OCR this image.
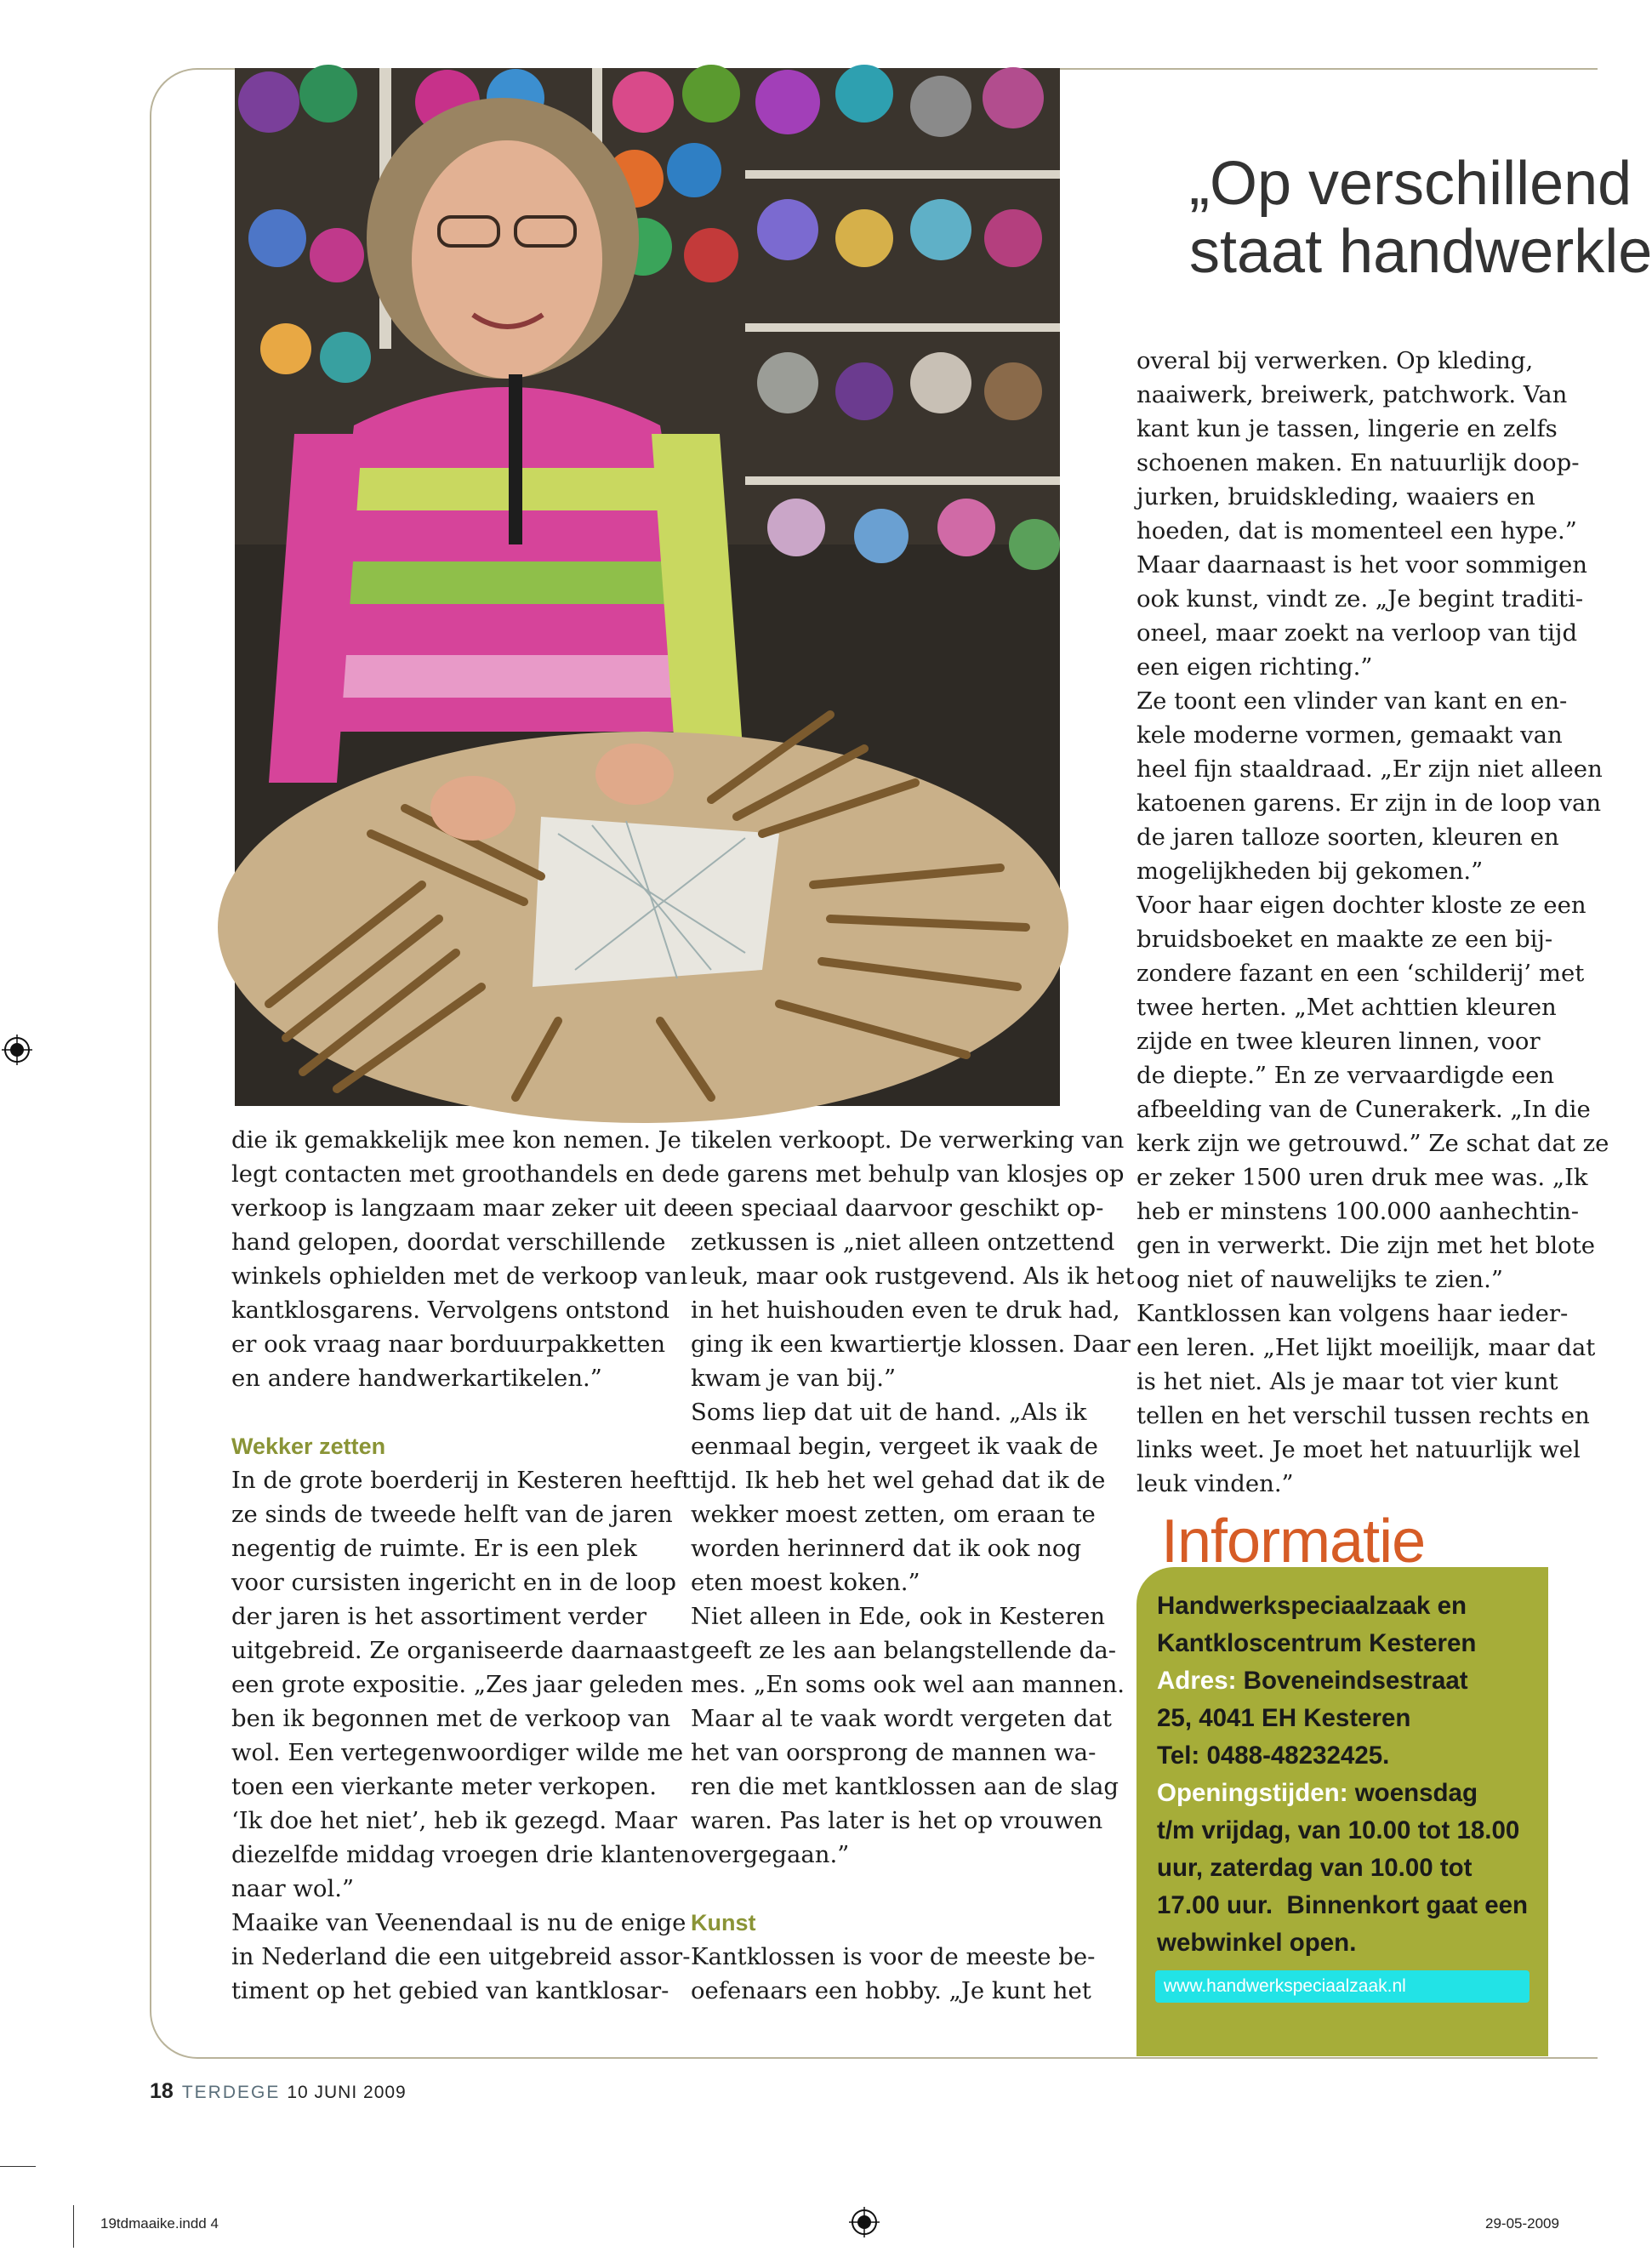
„Op verschillend
staat handwerkle

die ik gemakkelijk mee kon nemen. Je

legt contacten met groothandels en de

verkoop is langzaam maar zeker uit de

hand gelopen, doordat verschillende

winkels ophielden met de verkoop van

kantklosgarens. Vervolgens ontstond

er ook vraag naar borduurpakketten

en andere handwerkartikelen.”

Wekker zetten

In de grote boerderij in Kesteren heeft

ze sinds de tweede helft van de jaren

negentig de ruimte. Er is een plek

voor cursisten ingericht en in de loop

der jaren is het assortiment verder

uitgebreid. Ze organiseerde daarnaast

een grote expositie. „Zes jaar geleden

ben ik begonnen met de verkoop van

wol. Een vertegenwoordiger wilde me

toen een vierkante meter verkopen.

‘Ik doe het niet’, heb ik gezegd. Maar

diezelfde middag vroegen drie klanten

naar wol.”

Maaike van Veenendaal is nu de enige

in Nederland die een uitgebreid assor-

timent op het gebied van kantklosar-

tikelen verkoopt. De verwerking van

de garens met behulp van klosjes op

een speciaal daarvoor geschikt op-

zetkussen is „niet alleen ontzettend

leuk, maar ook rustgevend. Als ik het

in het huishouden even te druk had,

ging ik een kwartiertje klossen. Daar

kwam je van bij.”

Soms liep dat uit de hand. „Als ik

eenmaal begin, vergeet ik vaak de

tijd. Ik heb het wel gehad dat ik de

wekker moest zetten, om eraan te

worden herinnerd dat ik ook nog

eten moest koken.”

Niet alleen in Ede, ook in Kesteren

geeft ze les aan belangstellende da-

mes. „En soms ook wel aan mannen.

Maar al te vaak wordt vergeten dat

het van oorsprong de mannen wa-

ren die met kantklossen aan de slag

waren. Pas later is het op vrouwen

overgegaan.”

Kunst

Kantklossen is voor de meeste be-

oefenaars een hobby. „Je kunt het

overal bij verwerken. Op kleding,

naaiwerk, breiwerk, patchwork. Van

kant kun je tassen, lingerie en zelfs

schoenen maken. En natuurlijk doop-

jurken, bruidskleding, waaiers en

hoeden, dat is momenteel een hype.”

Maar daarnaast is het voor sommigen

ook kunst, vindt ze. „Je begint traditi-

oneel, maar zoekt na verloop van tijd

een eigen richting.”

Ze toont een vlinder van kant en en-

kele moderne vormen, gemaakt van

heel fijn staaldraad. „Er zijn niet alleen

katoenen garens. Er zijn in de loop van

de jaren talloze soorten, kleuren en

mogelijkheden bij gekomen.”

Voor haar eigen dochter kloste ze een

bruidsboeket en maakte ze een bij-

zondere fazant en een ‘schilderij’ met

twee herten. „Met achttien kleuren

zijde en twee kleuren linnen, voor

de diepte.” En ze vervaardigde een

afbeelding van de Cunerakerk. „In die

kerk zijn we getrouwd.” Ze schat dat ze

er zeker 1500 uren druk mee was. „Ik

heb er minstens 100.000 aanhechtin-

gen in verwerkt. Die zijn met het blote

oog niet of nauwelijks te zien.”

Kantklossen kan volgens haar ieder-

een leren. „Het lijkt moeilijk, maar dat

is het niet. Als je maar tot vier kunt

tellen en het verschil tussen rechts en

links weet. Je moet het natuurlijk wel

leuk vinden.”

Informatie

Handwerkspeciaalzaak en

Kantkloscentrum Kesteren

Adres: Boveneindsestraat

25, 4041 EH Kesteren

Tel: 0488-48232425.

Openingstijden: woensdag

t/m vrijdag, van 10.00 tot 18.00

uur, zaterdag van 10.00 tot

17.00 uur.  Binnenkort gaat een

webwinkel open.

www.handwerkspeciaalzaak.nl
18 TERDEGE 10 JUNI 2009
19tdmaaike.indd 4	29-05-2009
